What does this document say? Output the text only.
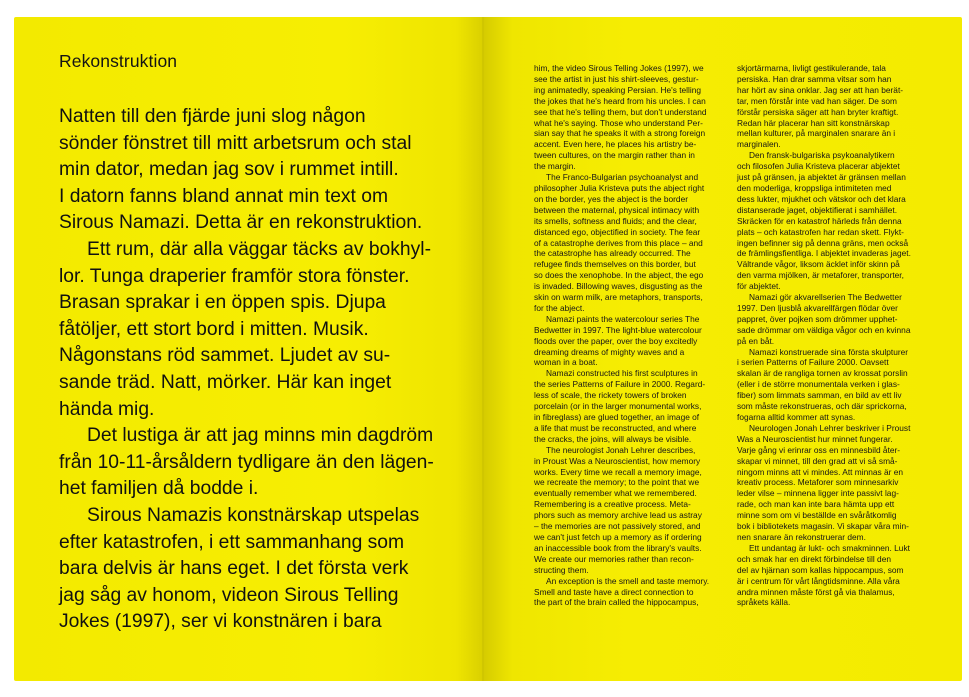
Rekonstruktion

Natten till den fjärde juni slog någon
sönder fönstret till mitt arbetsrum och stal
min dator, medan jag sov i rummet intill.
I datorn fanns bland annat min text om
Sirous Namazi. Detta är en rekonstruktion.

Ett rum, där alla väggar täcks av bokhyl-
lor. Tunga draperier framför stora fönster.
Brasan sprakar i en öppen spis. Djupa
fåtöljer, ett stort bord i mitten. Musik.
Någonstans röd sammet. Ljudet av su-
sande träd. Natt, mörker. Här kan inget
hända mig.

Det lustiga är att jag minns min dagdröm
från 10-11-årsåldern tydligare än den lägen-
het familjen då bodde i.

Sirous Namazis konstnärskap utspelas
efter katastrofen, i ett sammanhang som
bara delvis är hans eget. I det första verk
jag såg av honom, videon Sirous Telling
Jokes (1997), ser vi konstnären i bara

him, the video Sirous Telling Jokes (1997), we
see the artist in just his shirt-sleeves, gestur-
ing animatedly, speaking Persian. He's telling
the jokes that he's heard from his uncles. I can
see that he's telling them, but don't understand
what he's saying. Those who understand Per-
sian say that he speaks it with a strong foreign
accent. Even here, he places his artistry be-
tween cultures, on the margin rather than in
the margin.

The Franco-Bulgarian psychoanalyst and
philosopher Julia Kristeva puts the abject right
on the border, yes the abject is the border
between the maternal, physical intimacy with
its smells, softness and fluids; and the clear,
distanced ego, objectified in society. The fear
of a catastrophe derives from this place – and
the catastrophe has already occurred. The
refugee finds themselves on this border, but
so does the xenophobe. In the abject, the ego
is invaded. Billowing waves, disgusting as the
skin on warm milk, are metaphors, transports,
for the abject.

Namazi paints the watercolour series The
Bedwetter in 1997. The light-blue watercolour
floods over the paper, over the boy excitedly
dreaming dreams of mighty waves and a
woman in a boat.

Namazi constructed his first sculptures in
the series Patterns of Failure in 2000. Regard-
less of scale, the rickety towers of broken
porcelain (or in the larger monumental works,
in fibreglass) are glued together, an image of
a life that must be reconstructed, and where
the cracks, the joins, will always be visible.

The neurologist Jonah Lehrer describes,
in Proust Was a Neuroscientist, how memory
works. Every time we recall a memory image,
we recreate the memory; to the point that we
eventually remember what we remembered.
Remembering is a creative process. Meta-
phors such as memory archive lead us astray
– the memories are not passively stored, and
we can't just fetch up a memory as if ordering
an inaccessible book from the library's vaults.
We create our memories rather than recon-
structing them.

An exception is the smell and taste memory.
Smell and taste have a direct connection to
the part of the brain called the hippocampus,

skjortärmarna, livligt gestikulerande, tala
persiska. Han drar samma vitsar som han
har hört av sina onklar. Jag ser att han berät-
tar, men förstår inte vad han säger. De som
förstår persiska säger att han bryter kraftigt.
Redan här placerar han sitt konstnärskap
mellan kulturer, på marginalen snarare än i
marginalen.

Den fransk-bulgariska psykoanalytikern
och filosofen Julia Kristeva placerar abjektet
just på gränsen, ja abjektet är gränsen mellan
den moderliga, kroppsliga intimiteten med
dess lukter, mjukhet och vätskor och det klara
distanserade jaget, objektifierat i samhället.
Skräcken för en katastrof härleds från denna
plats – och katastrofen har redan skett. Flykt-
ingen befinner sig på denna gräns, men också
de främlingsfientliga. I abjektet invaderas jaget.
Vältrande vågor, liksom äcklet inför skinn på
den varma mjölken, är metaforer, transporter,
för abjektet.

Namazi gör akvarellserien The Bedwetter
1997. Den ljusblå akvarellfärgen flödar över
pappret, över pojken som drömmer upphet-
sade drömmar om väldiga vågor och en kvinna
på en båt.

Namazi konstruerade sina första skulpturer
i serien Patterns of Failure 2000. Oavsett
skalan är de rangliga tornen av krossat porslin
(eller i de större monumentala verken i glas-
fiber) som limmats samman, en bild av ett liv
som måste rekonstrueras, och där sprickorna,
fogarna alltid kommer att synas.

Neurologen Jonah Lehrer beskriver i Proust
Was a Neuroscientist hur minnet fungerar.
Varje gång vi erinrar oss en minnesbild åter-
skapar vi minnet, till den grad att vi så små-
ningom minns att vi mindes. Att minnas är en
kreativ process. Metaforer som minnesarkiv
leder vilse – minnena ligger inte passivt lag-
rade, och man kan inte bara hämta upp ett
minne som om vi beställde en svåråtkomlig
bok i bibliotekets magasin. Vi skapar våra min-
nen snarare än rekonstruerar dem.

Ett undantag är lukt- och smakminnen. Lukt
och smak har en direkt förbindelse till den
del av hjärnan som kallas hippocampus, som
är i centrum för vårt långtidsminne. Alla våra
andra minnen måste först gå via thalamus,
språkets källa.
